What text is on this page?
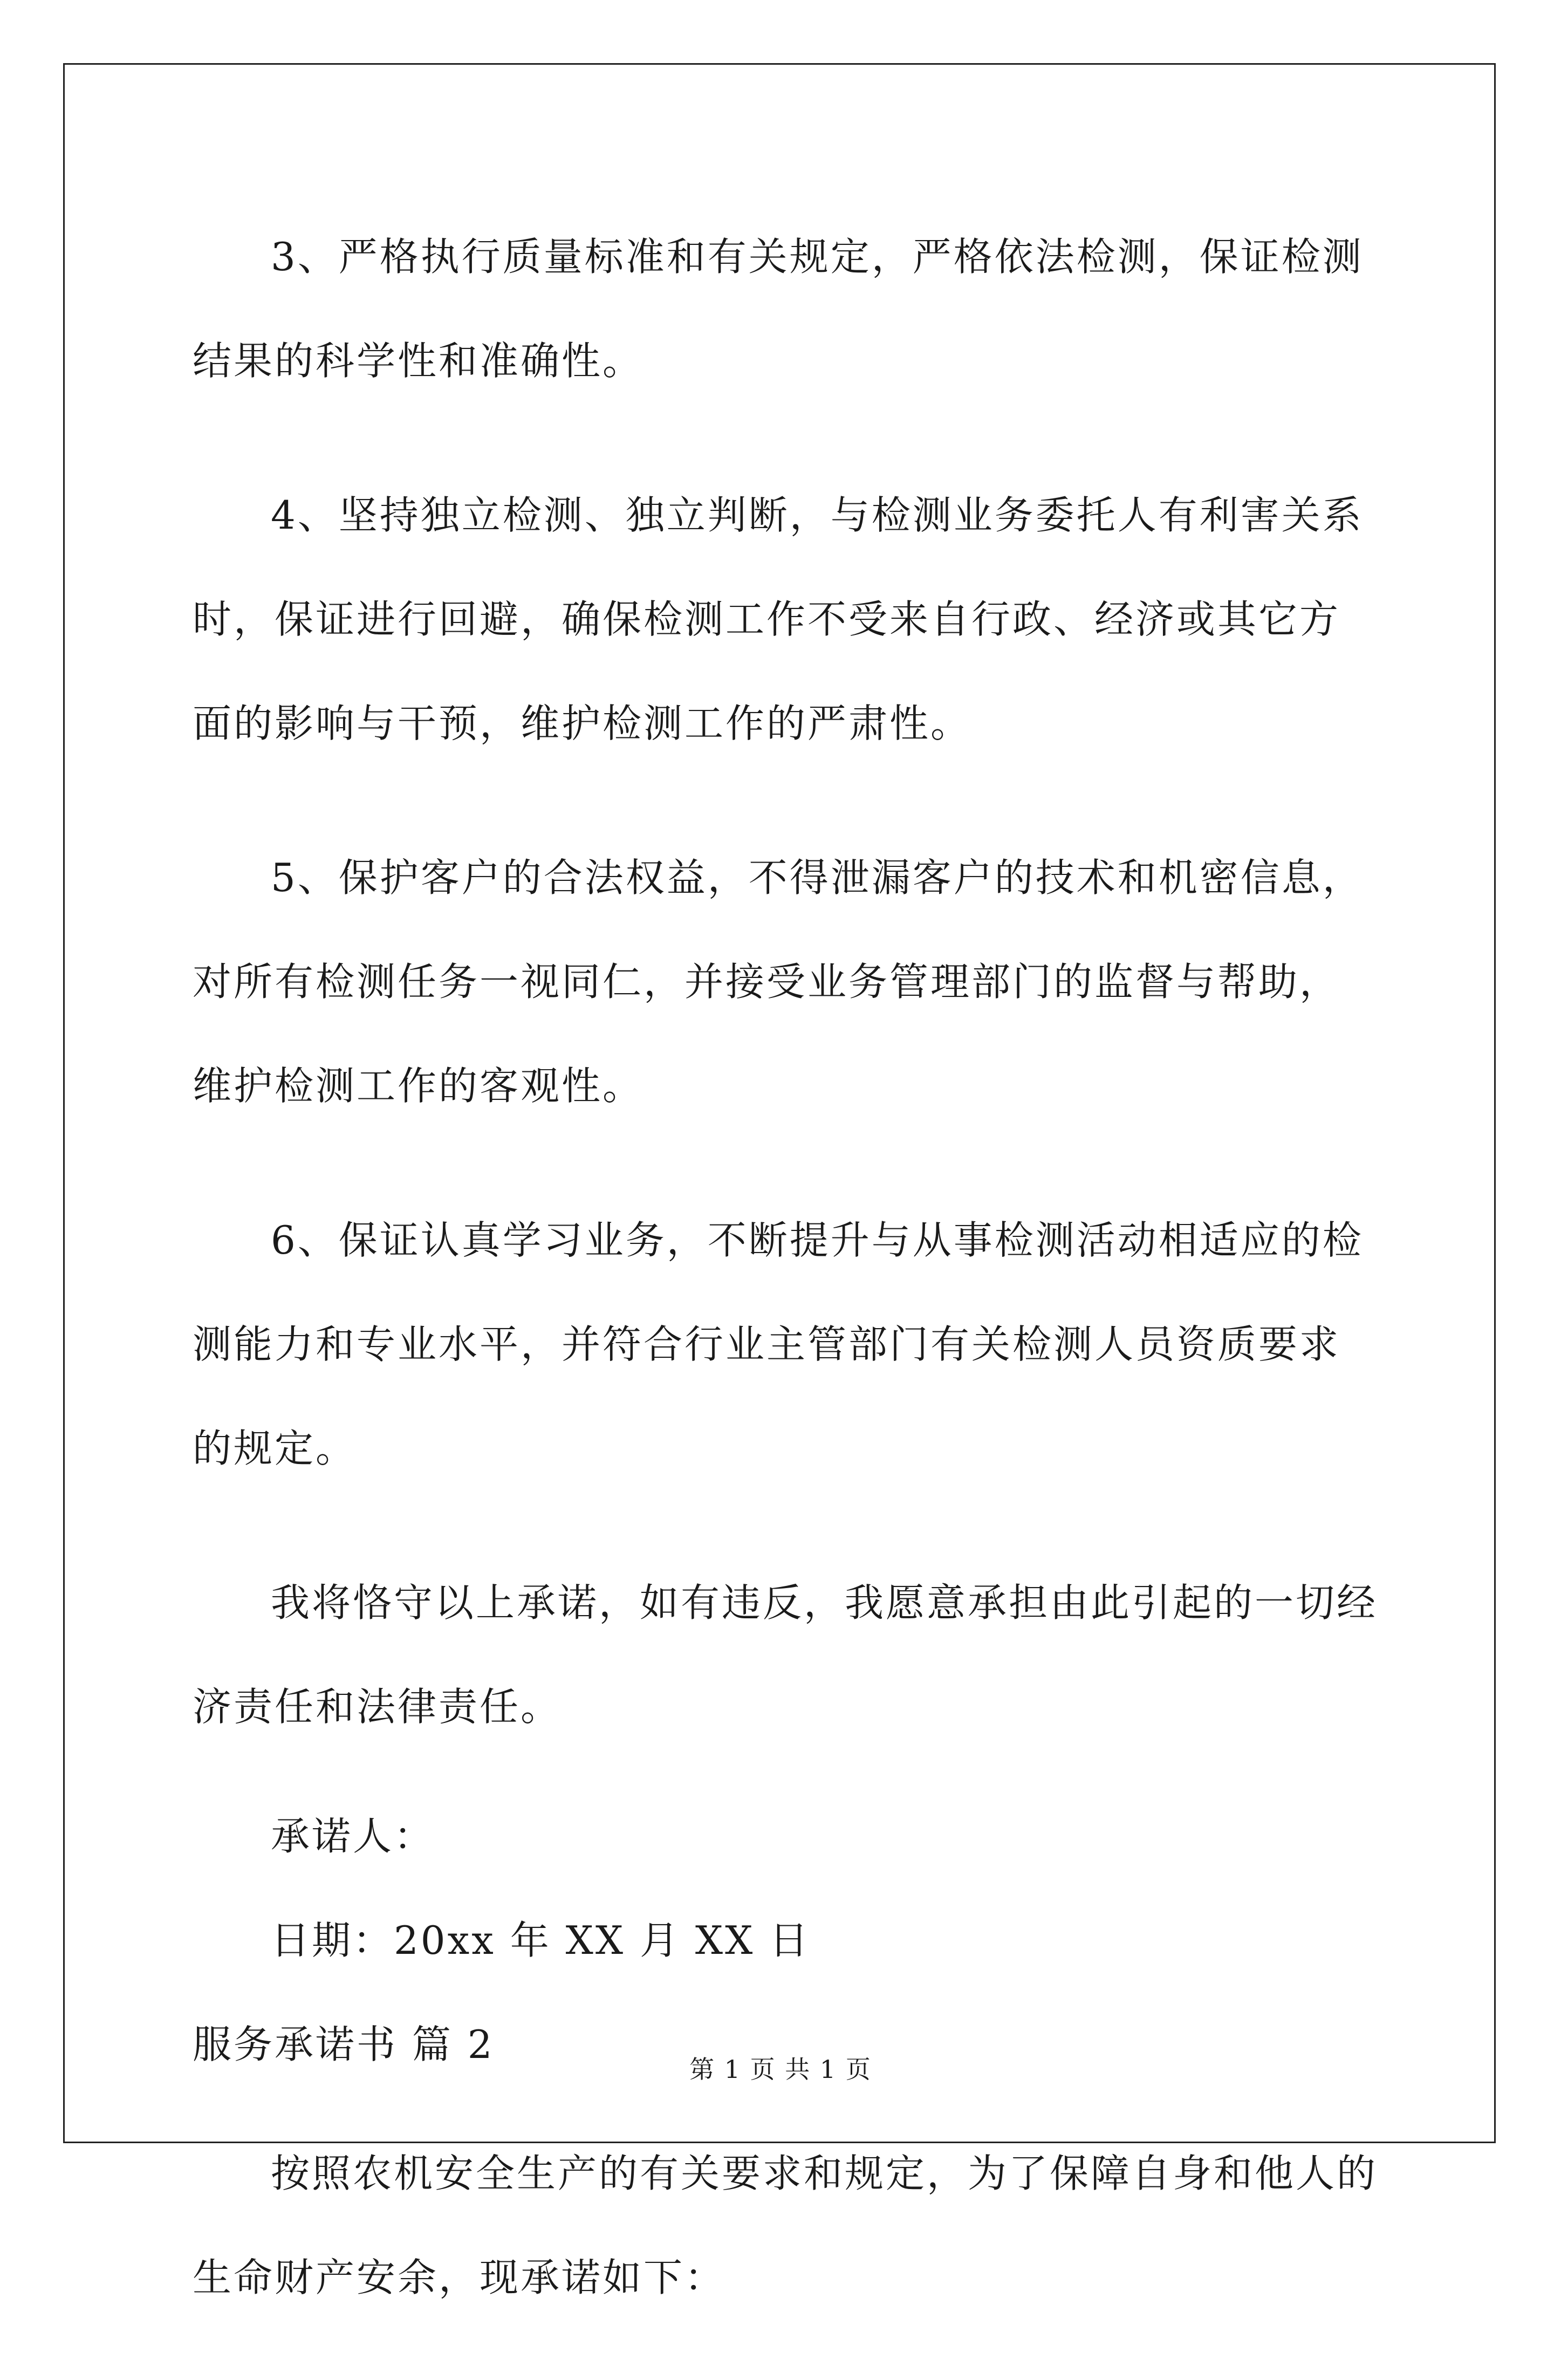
3、严格执行质量标准和有关规定，严格依法检测，保证检测结果的科学性和准确性。

4、坚持独立检测、独立判断，与检测业务委托人有利害关系时，保证进行回避，确保检测工作不受来自行政、经济或其它方面的影响与干预，维护检测工作的严肃性。

5、保护客户的合法权益，不得泄漏客户的技术和机密信息，对所有检测任务一视同仁，并接受业务管理部门的监督与帮助，维护检测工作的客观性。

6、保证认真学习业务，不断提升与从事检测活动相适应的检测能力和专业水平，并符合行业主管部门有关检测人员资质要求的规定。

我将恪守以上承诺，如有违反，我愿意承担由此引起的一切经济责任和法律责任。

承诺人：

日期：20xx 年 XX 月 XX 日

服务承诺书 篇 2

按照农机安全生产的有关要求和规定，为了保障自身和他人的生命财产安余，现承诺如下：

第 1 页 共 1 页
